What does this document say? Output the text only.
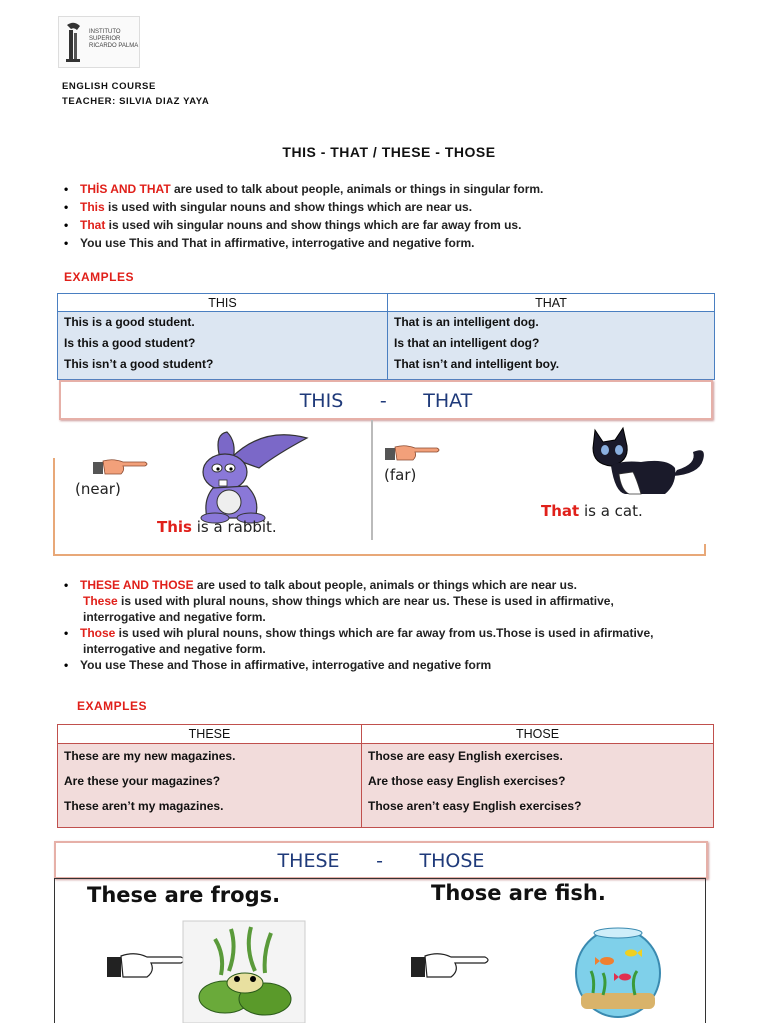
INSTITUTO
SUPERIOR
RICARDO PALMA
ENGLISH COURSE
TEACHER: SILVIA DIAZ YAYA
THIS - THAT / THESE - THOSE
• THİS AND THAT are used to talk about people, animals or things in singular form.
• This is used with singular nouns and show things which are near us.
• That is used wih singular nouns and show things which are far away from us.
• You use This and That in affirmative, interrogative and negative form.
EXAMPLES
THIS	THAT
This is a good student.	That is an intelligent dog.
Is this a good student?	Is that an intelligent dog?
This isn’t a good student?	That isn’t and intelligent boy.
THIS - THAT
(near)
This is a rabbit.
(far)
That is a cat.
• THESE AND THOSE are used to talk about people, animals or things which are near us.
These is used with plural nouns, show things which are near us. These is used in affirmative,
interrogative and negative form.
• Those is used wih plural nouns, show things which are far away from us.Those is used in afirmative,
interrogative and negative form.
• You use These and Those in affirmative, interrogative and negative form
EXAMPLES
THESE	THOSE
These are my new magazines.	Those are easy English exercises.
Are these your magazines?	Are those easy English exercises?
These aren’t my magazines.	Those aren’t easy English exercises?
THESE - THOSE
These are frogs.	Those are fish.
